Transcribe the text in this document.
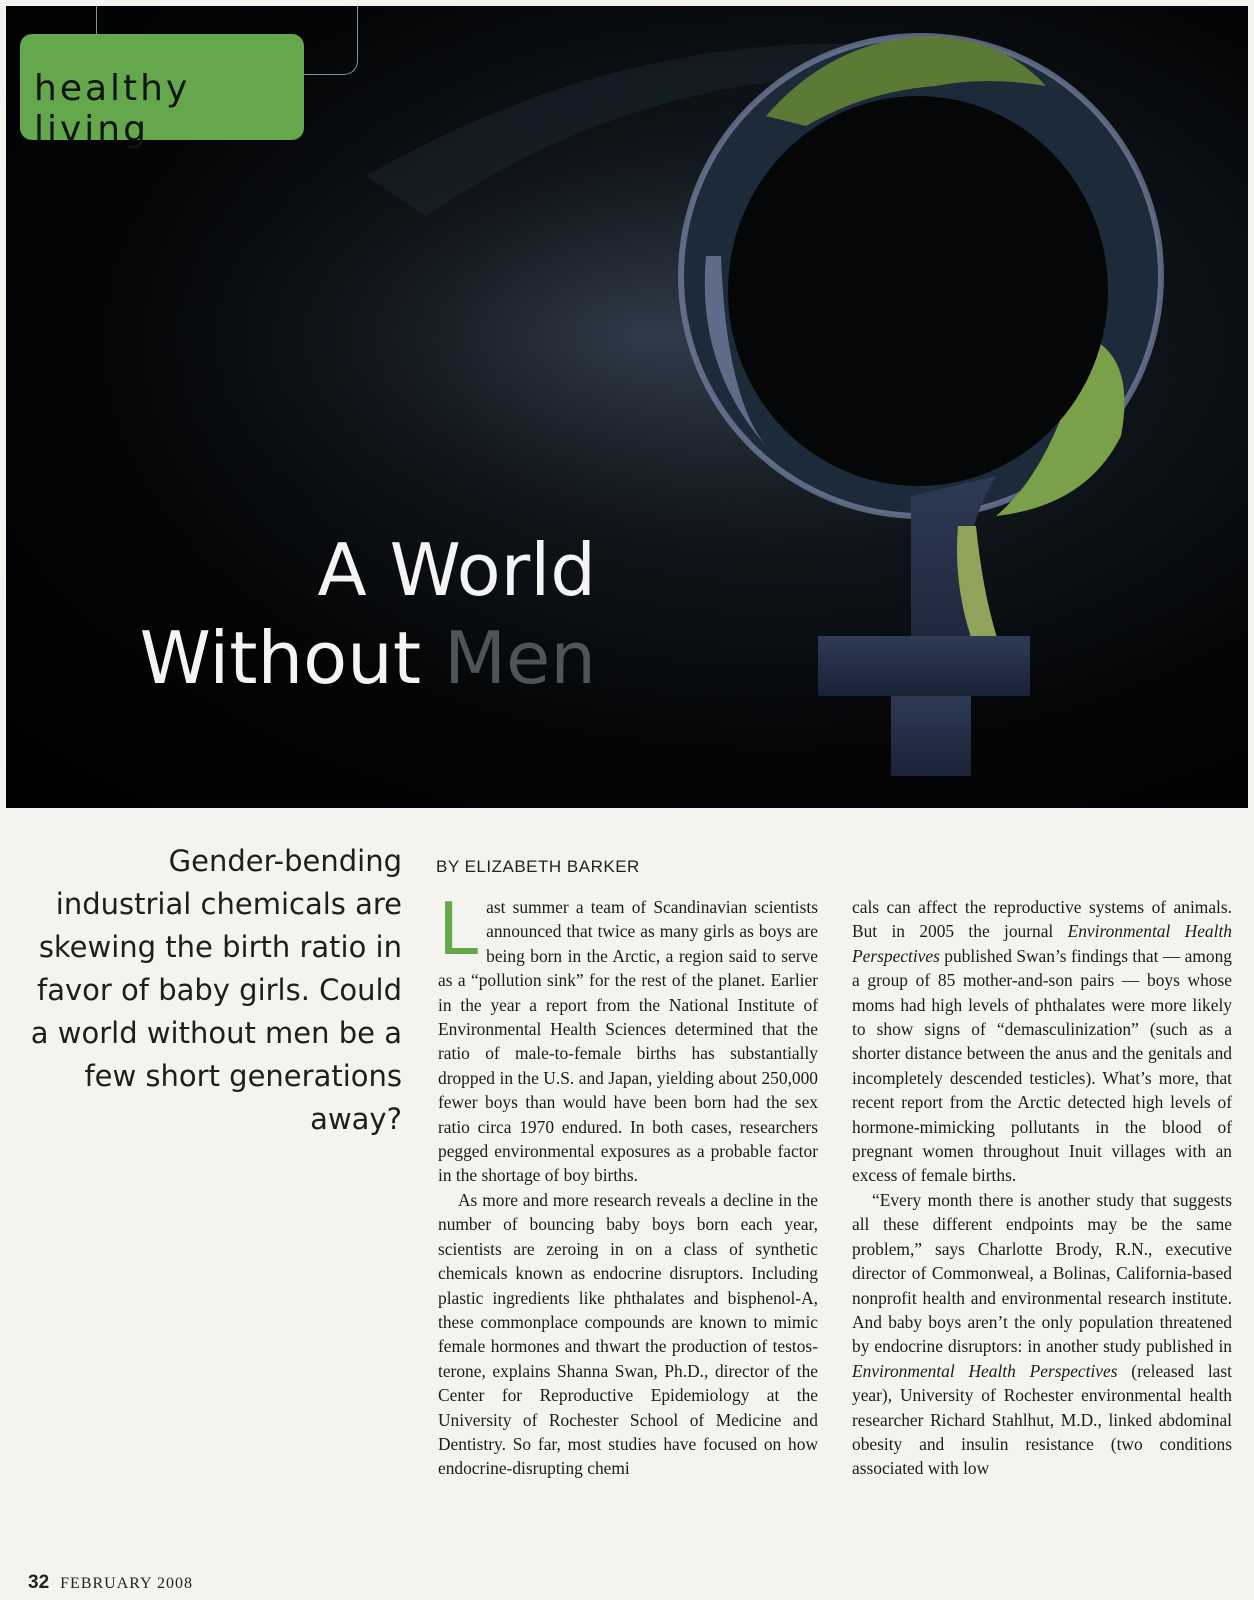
healthy living
A World
Without Men
Gender-bending industrial chemicals are skewing the birth ratio in favor of baby girls. Could a world without men be a few short generations away?
BY ELIZABETH BARKER

Last summer a team of Scandinavian scientists announced that twice as many girls as boys are being born in the Arctic, a region said to serve as a “pollution sink” for the rest of the planet. Earlier in the year a report from the National Institute of Environmental Health Sciences determined that the ratio of male-to-female births has substantially dropped in the U.S. and Japan, yielding about 250,000 fewer boys than would have been born had the sex ratio circa 1970 endured. In both cases, researchers pegged environmental exposures as a probable factor in the shortage of boy births.

As more and more research reveals a decline in the number of bouncing baby boys born each year, scientists are zeroing in on a class of synthetic chemicals known as endocrine disruptors. Including plastic ingredients like phthalates and bisphenol-A, these commonplace compounds are known to mimic female hormones and thwart the production of testosterone, explains Shanna Swan, Ph.D., director of the Center for Reproductive Epidemiology at the University of Rochester School of Medicine and Dentistry. So far, most studies have focused on how endocrine-disrupting chemi

cals can affect the reproductive systems of animals. But in 2005 the journal Environmental Health Perspectives published Swan’s findings that — among a group of 85 mother-and-son pairs — boys whose moms had high levels of phthalates were more likely to show signs of “demasculinization” (such as a shorter distance between the anus and the genitals and incompletely descended testicles). What’s more, that recent report from the Arctic detected high levels of hormone-mimicking pollutants in the blood of pregnant women throughout Inuit villages with an excess of female births.

“Every month there is another study that suggests all these different endpoints may be the same problem,” says Charlotte Brody, R.N., executive director of Commonweal, a Bolinas, California-based nonprofit health and environmental research institute. And baby boys aren’t the only population threatened by endocrine disruptors: in another study published in Environmental Health Perspectives (released last year), University of Rochester environmental health researcher Richard Stahlhut, M.D., linked abdominal obesity and insulin resistance (two conditions associated with low

32 FEBRUARY 2008
